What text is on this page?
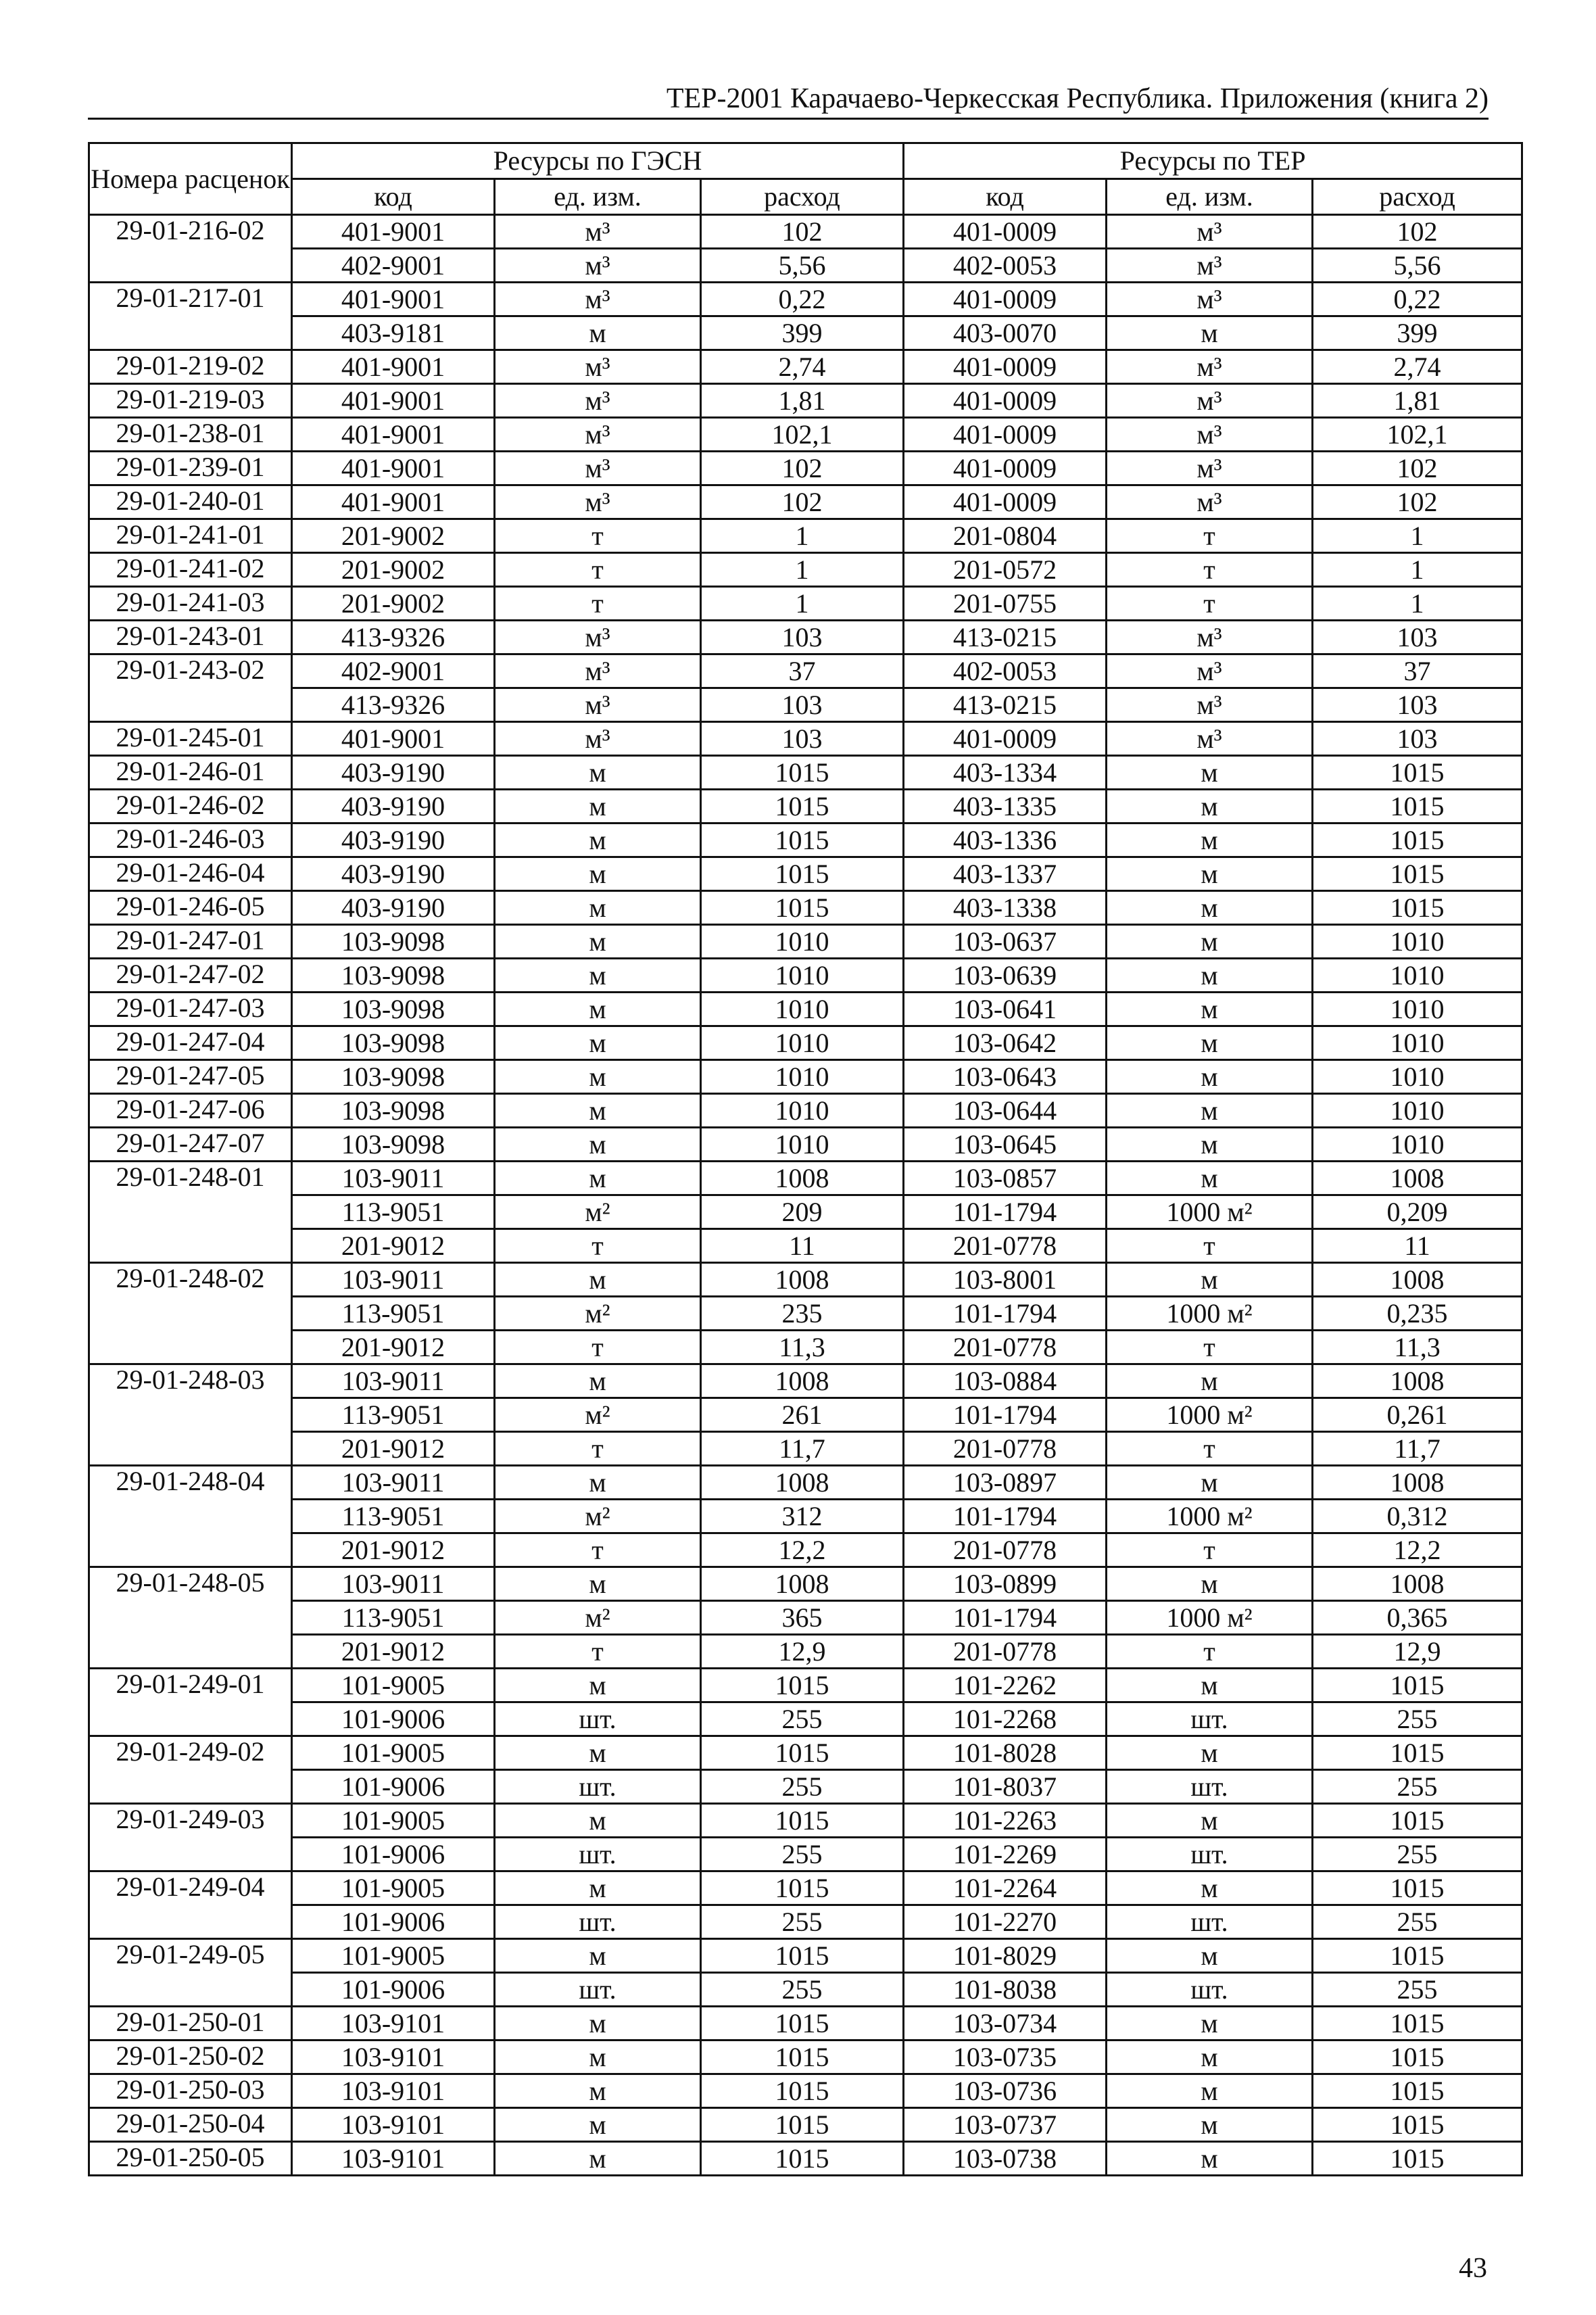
ТЕР-2001 Карачаево-Черкесская Республика. Приложения (книга 2)
Номера расценок	Ресурсы по ГЭСН			Ресурсы по ТЕР		
	код	ед. изм.	расход	код	ед. изм.	расход
29-01-216-02	401-9001	м³	102	401-0009	м³	102
	402-9001	м³	5,56	402-0053	м³	5,56
29-01-217-01	401-9001	м³	0,22	401-0009	м³	0,22
	403-9181	м	399	403-0070	м	399
29-01-219-02	401-9001	м³	2,74	401-0009	м³	2,74
29-01-219-03	401-9001	м³	1,81	401-0009	м³	1,81
29-01-238-01	401-9001	м³	102,1	401-0009	м³	102,1
29-01-239-01	401-9001	м³	102	401-0009	м³	102
29-01-240-01	401-9001	м³	102	401-0009	м³	102
29-01-241-01	201-9002	т	1	201-0804	т	1
29-01-241-02	201-9002	т	1	201-0572	т	1
29-01-241-03	201-9002	т	1	201-0755	т	1
29-01-243-01	413-9326	м³	103	413-0215	м³	103
29-01-243-02	402-9001	м³	37	402-0053	м³	37
	413-9326	м³	103	413-0215	м³	103
29-01-245-01	401-9001	м³	103	401-0009	м³	103
29-01-246-01	403-9190	м	1015	403-1334	м	1015
29-01-246-02	403-9190	м	1015	403-1335	м	1015
29-01-246-03	403-9190	м	1015	403-1336	м	1015
29-01-246-04	403-9190	м	1015	403-1337	м	1015
29-01-246-05	403-9190	м	1015	403-1338	м	1015
29-01-247-01	103-9098	м	1010	103-0637	м	1010
29-01-247-02	103-9098	м	1010	103-0639	м	1010
29-01-247-03	103-9098	м	1010	103-0641	м	1010
29-01-247-04	103-9098	м	1010	103-0642	м	1010
29-01-247-05	103-9098	м	1010	103-0643	м	1010
29-01-247-06	103-9098	м	1010	103-0644	м	1010
29-01-247-07	103-9098	м	1010	103-0645	м	1010
29-01-248-01	103-9011	м	1008	103-0857	м	1008
	113-9051	м²	209	101-1794	1000 м²	0,209
	201-9012	т	11	201-0778	т	11
29-01-248-02	103-9011	м	1008	103-8001	м	1008
	113-9051	м²	235	101-1794	1000 м²	0,235
	201-9012	т	11,3	201-0778	т	11,3
29-01-248-03	103-9011	м	1008	103-0884	м	1008
	113-9051	м²	261	101-1794	1000 м²	0,261
	201-9012	т	11,7	201-0778	т	11,7
29-01-248-04	103-9011	м	1008	103-0897	м	1008
	113-9051	м²	312	101-1794	1000 м²	0,312
	201-9012	т	12,2	201-0778	т	12,2
29-01-248-05	103-9011	м	1008	103-0899	м	1008
	113-9051	м²	365	101-1794	1000 м²	0,365
	201-9012	т	12,9	201-0778	т	12,9
29-01-249-01	101-9005	м	1015	101-2262	м	1015
	101-9006	шт.	255	101-2268	шт.	255
29-01-249-02	101-9005	м	1015	101-8028	м	1015
	101-9006	шт.	255	101-8037	шт.	255
29-01-249-03	101-9005	м	1015	101-2263	м	1015
	101-9006	шт.	255	101-2269	шт.	255
29-01-249-04	101-9005	м	1015	101-2264	м	1015
	101-9006	шт.	255	101-2270	шт.	255
29-01-249-05	101-9005	м	1015	101-8029	м	1015
	101-9006	шт.	255	101-8038	шт.	255
29-01-250-01	103-9101	м	1015	103-0734	м	1015
29-01-250-02	103-9101	м	1015	103-0735	м	1015
29-01-250-03	103-9101	м	1015	103-0736	м	1015
29-01-250-04	103-9101	м	1015	103-0737	м	1015
29-01-250-05	103-9101	м	1015	103-0738	м	1015
43
